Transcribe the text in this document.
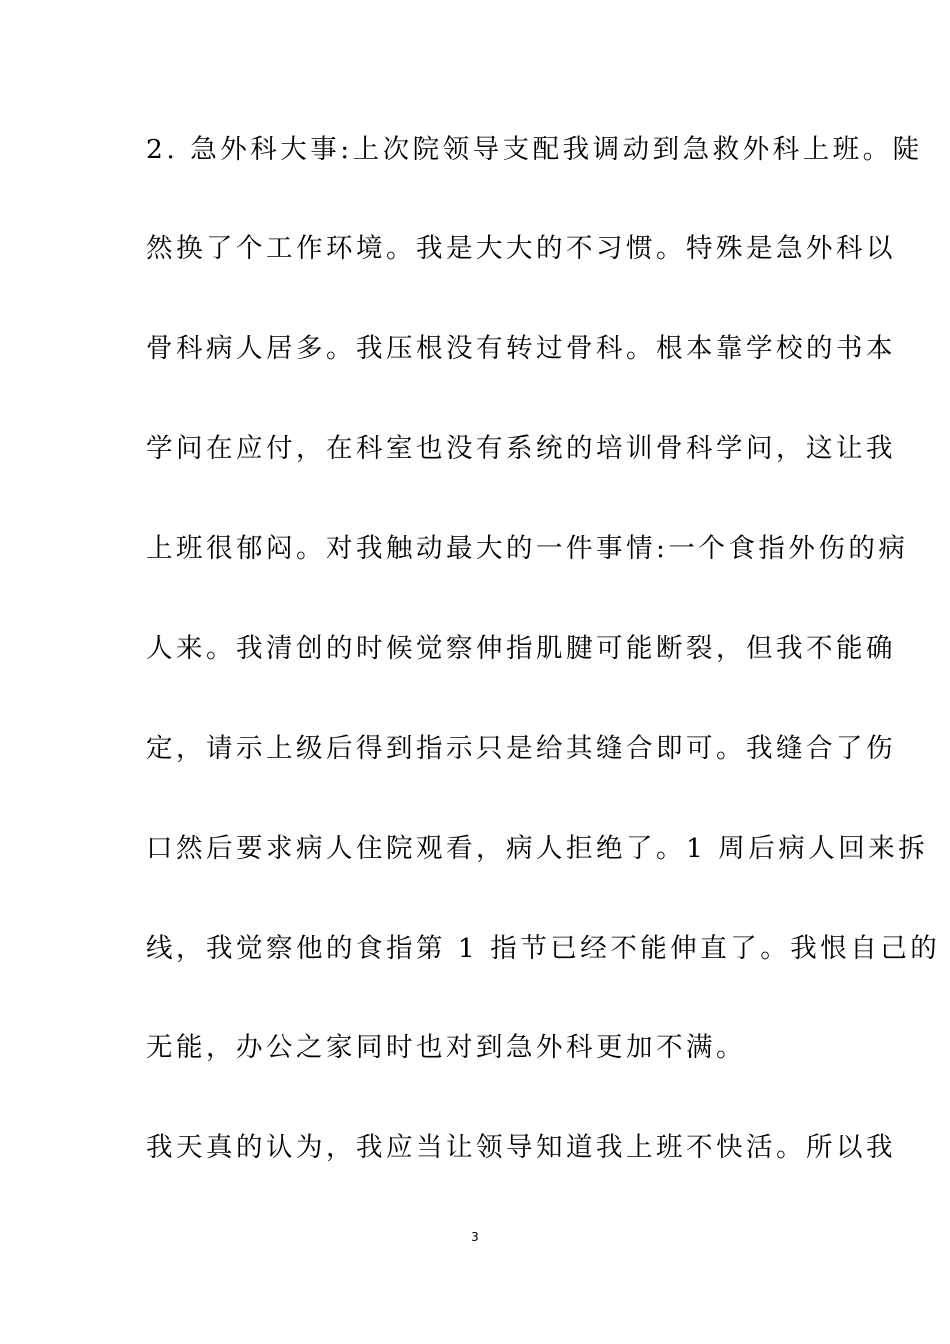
2. 急外科大事:上次院领导支配我调动到急救外科上班。陡
然换了个工作环境。我是大大的不习惯。特殊是急外科以
骨科病人居多。我压根没有转过骨科。根本靠学校的书本
学问在应付，在科室也没有系统的培训骨科学问，这让我
上班很郁闷。对我触动最大的一件事情:一个食指外伤的病
人来。我清创的时候觉察伸指肌腱可能断裂，但我不能确
定，请示上级后得到指示只是给其缝合即可。我缝合了伤
口然后要求病人住院观看，病人拒绝了。1 周后病人回来拆
线，我觉察他的食指第 1 指节已经不能伸直了。我恨自己的
无能，办公之家同时也对到急外科更加不满。
我天真的认为，我应当让领导知道我上班不快活。所以我
3
